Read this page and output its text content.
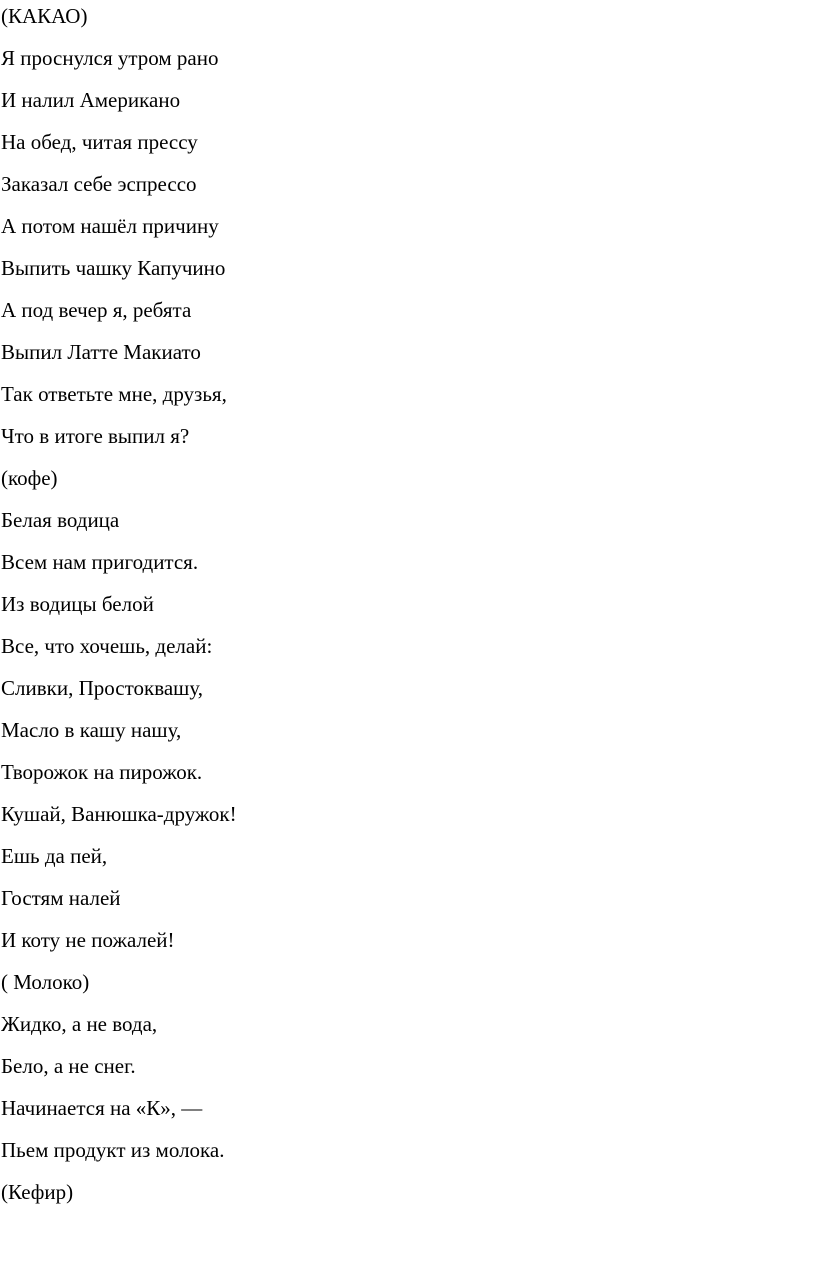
(КАКАО)
Я проснулся утром рано
И налил Американо
На обед, читая прессу
Заказал себе эспрессо
А потом нашёл причину
Выпить чашку Капучино
А под вечер я, ребята
Выпил Латте Макиато
Так ответьте мне, друзья,
Что в итоге выпил я?
(кофе)
Белая водица
Всем нам пригодится.
Из водицы белой
Все, что хочешь, делай:
Сливки, Простоквашу,
Масло в кашу нашу,
Творожок на пирожок.
Кушай, Ванюшка-дружок!
Ешь да пей,
Гостям налей
И коту не пожалей!
( Молоко)
Жидко, а не вода,
Бело, а не снег.
Начинается на «К», —
Пьем продукт из молока.
(Кефир)
